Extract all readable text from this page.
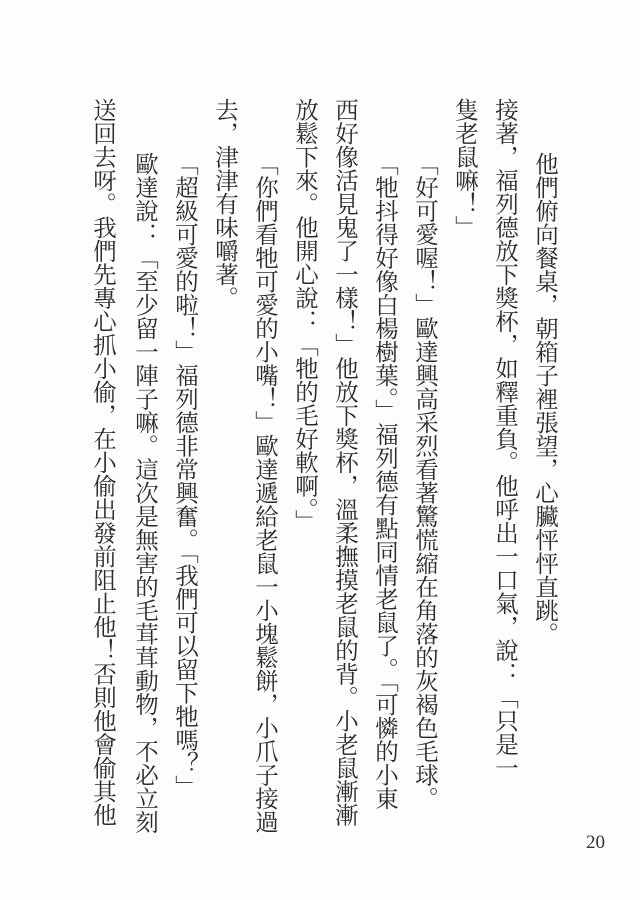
他們俯向餐桌，朝箱子裡張望，心臟怦怦直跳。
接著，福列德放下獎杯，如釋重負。他呼出一口氣，說：「只是一
隻老鼠嘛！」
「好可愛喔！」歐達興高采烈看著驚慌縮在角落的灰褐色毛球。
「牠抖得好像白楊樹葉。」福列德有點同情老鼠了。「可憐的小東
西好像活見鬼了一樣！」他放下獎杯，溫柔撫摸老鼠的背。小老鼠漸漸
放鬆下來。他開心說：「牠的毛好軟啊。」
「你們看牠可愛的小嘴！」歐達遞給老鼠一小塊鬆餅，小爪子接過
去，津津有味嚼著。
「超級可愛的啦！」福列德非常興奮。「我們可以留下牠嗎？」
歐達說：「至少留一陣子嘛。這次是無害的毛茸茸動物，不必立刻
送回去呀。我們先專心抓小偷，在小偷出發前阻止他！否則他會偷其他
20
